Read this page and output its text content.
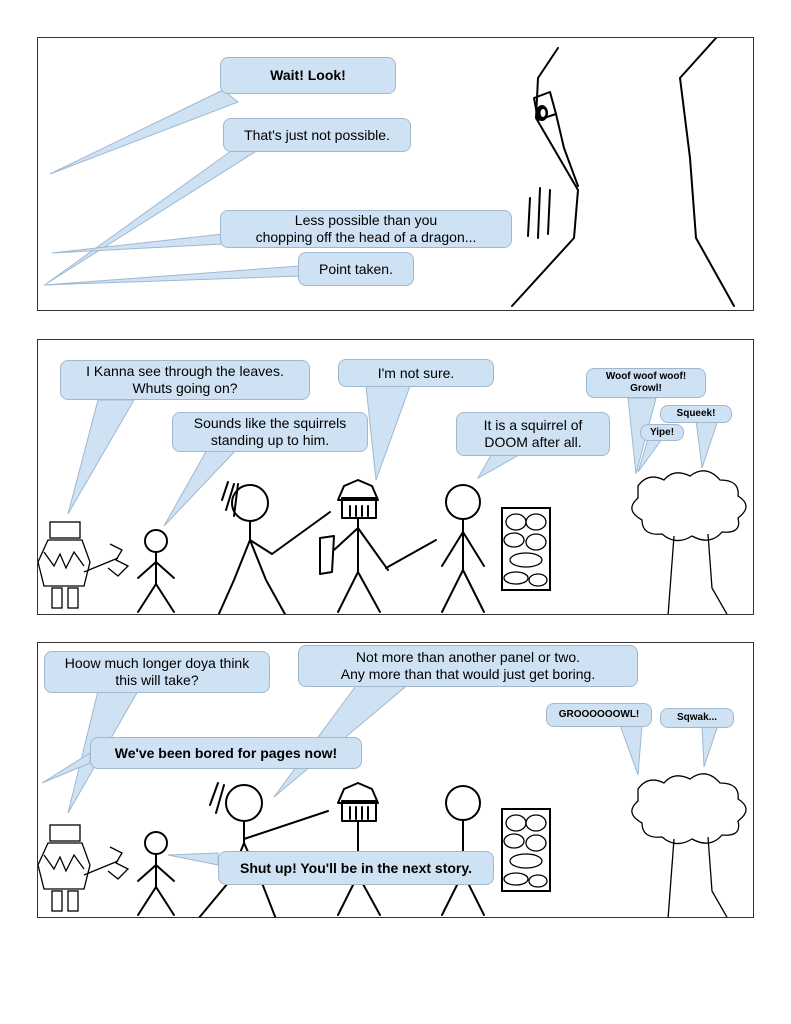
Wait! Look!
That's just not possible.
Less possible than you
chopping off the head of a dragon...
Point taken.
I Kanna see through the leaves.
Whuts going on?
I'm not sure.
Sounds like the squirrels
standing up to him.
It is a squirrel of
DOOM after all.
Woof woof woof!
Growl!
Squeek!
Yipe!
Hoow much longer doya think
this will take?
Not more than another panel or two.
Any more than that would just get boring.
We've been bored for pages now!
Shut up! You'll be in the next story.
GROOOOOOWL!	Sqwak...
